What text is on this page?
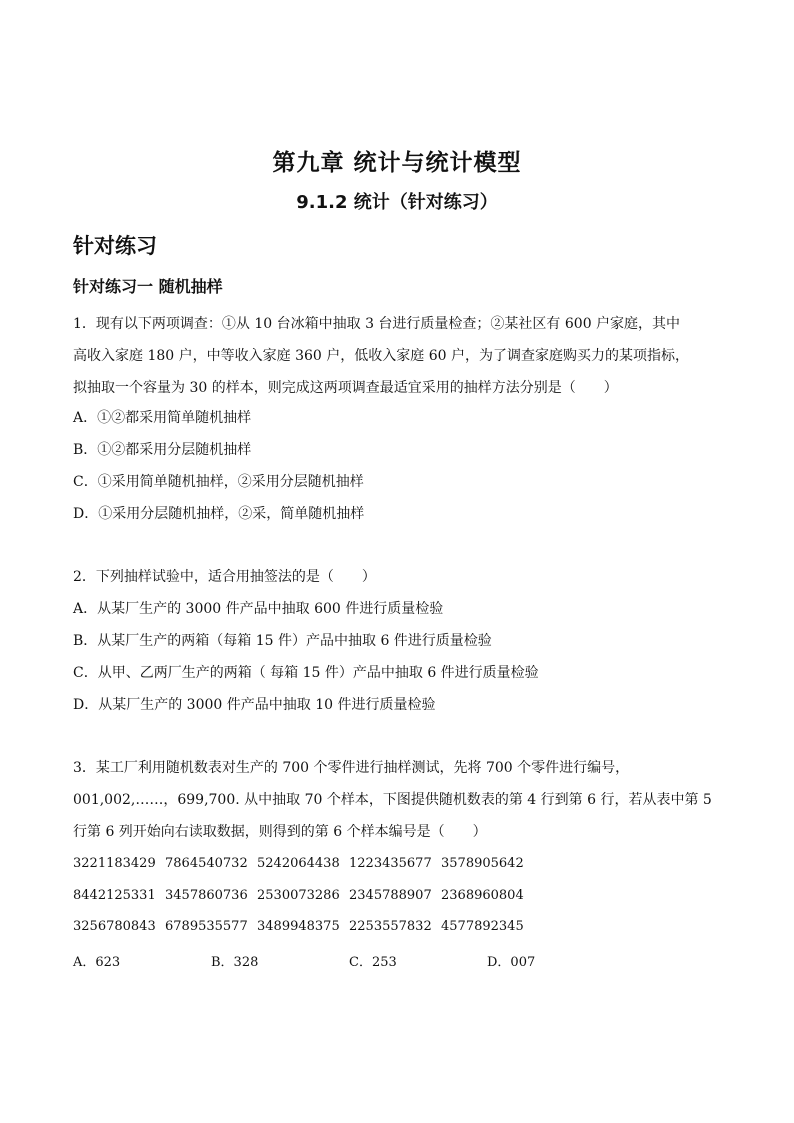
第九章 统计与统计模型
9.1.2 统计（针对练习）
针对练习
针对练习一 随机抽样
1．现有以下两项调查：①从 10 台冰箱中抽取 3 台进行质量检查；②某社区有 600 户家庭，其中
高收入家庭 180 户，中等收入家庭 360 户，低收入家庭 60 户，为了调查家庭购买力的某项指标，
拟抽取一个容量为 30 的样本，则完成这两项调查最适宜采用的抽样方法分别是（　　）
A．①②都采用简单随机抽样
B．①②都采用分层随机抽样
C．①采用简单随机抽样，②采用分层随机抽样
D．①采用分层随机抽样，②采，简单随机抽样
2．下列抽样试验中，适合用抽签法的是（　　）
A．从某厂生产的 3000 件产品中抽取 600 件进行质量检验
B．从某厂生产的两箱（每箱 15 件）产品中抽取 6 件进行质量检验
C．从甲、乙两厂生产的两箱（ 每箱 15 件）产品中抽取 6 件进行质量检验
D．从某厂生产的 3000 件产品中抽取 10 件进行质量检验
3．某工厂利用随机数表对生产的 700 个零件进行抽样测试，先将 700 个零件进行编号，
001,002,……，699,700. 从中抽取 70 个样本，下图提供随机数表的第 4 行到第 6 行，若从表中第 5
行第 6 列开始向右读取数据，则得到的第 6 个样本编号是（　　）
3221183429 7864540732 5242064438 1223435677 3578905642
8442125331 3457860736 2530073286 2345788907 2368960804
3256780843 6789535577 3489948375 2253557832 4577892345
A．623	B．328	C．253	D．007
